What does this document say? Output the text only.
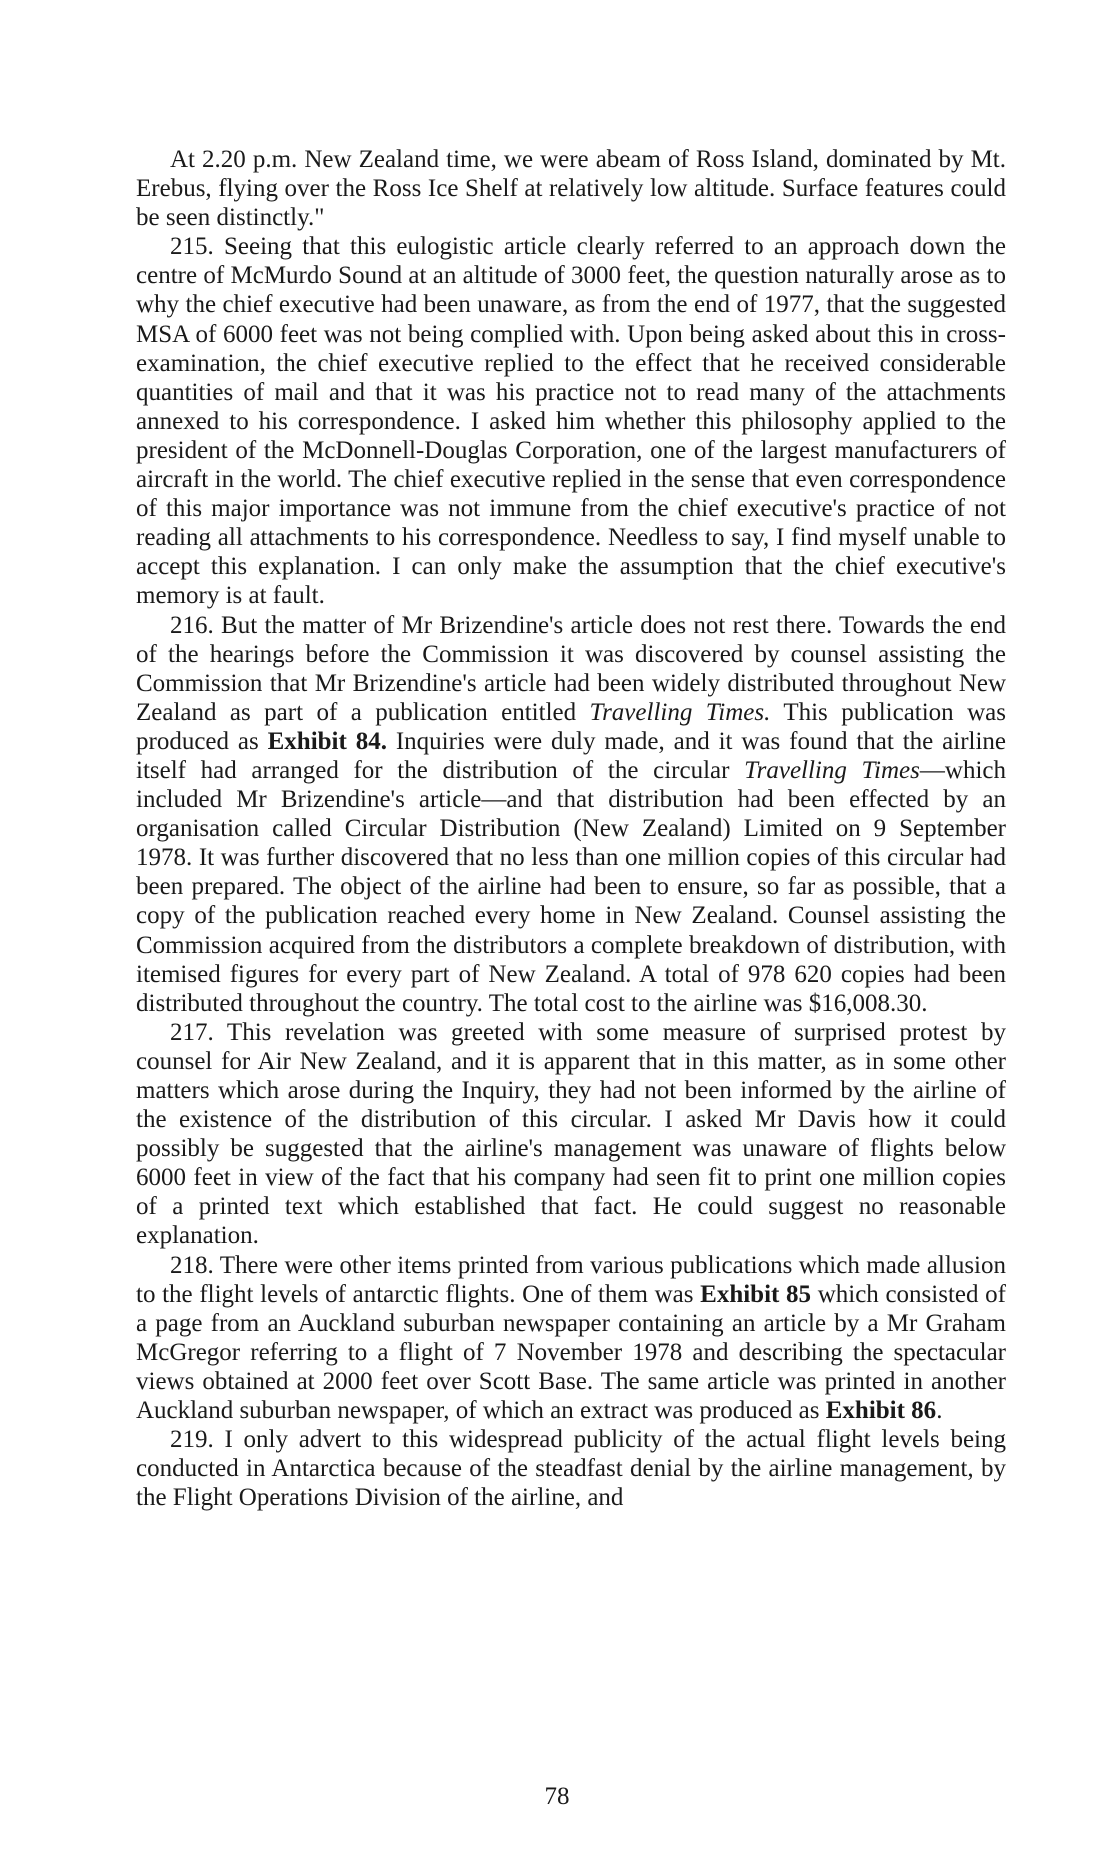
At 2.20 p.m. New Zealand time, we were abeam of Ross Island, dominated by Mt. Erebus, flying over the Ross Ice Shelf at relatively low altitude. Surface features could be seen distinctly."

215. Seeing that this eulogistic article clearly referred to an approach down the centre of McMurdo Sound at an altitude of 3000 feet, the question naturally arose as to why the chief executive had been unaware, as from the end of 1977, that the suggested MSA of 6000 feet was not being complied with. Upon being asked about this in cross-examination, the chief executive replied to the effect that he received considerable quantities of mail and that it was his practice not to read many of the attachments annexed to his correspondence. I asked him whether this philosophy applied to the president of the McDonnell-Douglas Corporation, one of the largest manufacturers of aircraft in the world. The chief executive replied in the sense that even correspondence of this major importance was not immune from the chief executive's practice of not reading all attachments to his correspondence. Needless to say, I find myself unable to accept this explanation. I can only make the assumption that the chief executive's memory is at fault.

216. But the matter of Mr Brizendine's article does not rest there. Towards the end of the hearings before the Commission it was discovered by counsel assisting the Commission that Mr Brizendine's article had been widely distributed throughout New Zealand as part of a publication entitled Travelling Times. This publication was produced as Exhibit 84. Inquiries were duly made, and it was found that the airline itself had arranged for the distribution of the circular Travelling Times—which included Mr Brizendine's article—and that distribution had been effected by an organisation called Circular Distribution (New Zealand) Limited on 9 September 1978. It was further discovered that no less than one million copies of this circular had been prepared. The object of the airline had been to ensure, so far as possible, that a copy of the publication reached every home in New Zealand. Counsel assisting the Commission acquired from the distributors a complete breakdown of distribution, with itemised figures for every part of New Zealand. A total of 978 620 copies had been distributed throughout the country. The total cost to the airline was $16,008.30.

217. This revelation was greeted with some measure of surprised protest by counsel for Air New Zealand, and it is apparent that in this matter, as in some other matters which arose during the Inquiry, they had not been informed by the airline of the existence of the distribution of this circular. I asked Mr Davis how it could possibly be suggested that the airline's management was unaware of flights below 6000 feet in view of the fact that his company had seen fit to print one million copies of a printed text which established that fact. He could suggest no reasonable explanation.

218. There were other items printed from various publications which made allusion to the flight levels of antarctic flights. One of them was Exhibit 85 which consisted of a page from an Auckland suburban newspaper containing an article by a Mr Graham McGregor referring to a flight of 7 November 1978 and describing the spectacular views obtained at 2000 feet over Scott Base. The same article was printed in another Auckland suburban newspaper, of which an extract was produced as Exhibit 86.

219. I only advert to this widespread publicity of the actual flight levels being conducted in Antarctica because of the steadfast denial by the airline management, by the Flight Operations Division of the airline, and

78
